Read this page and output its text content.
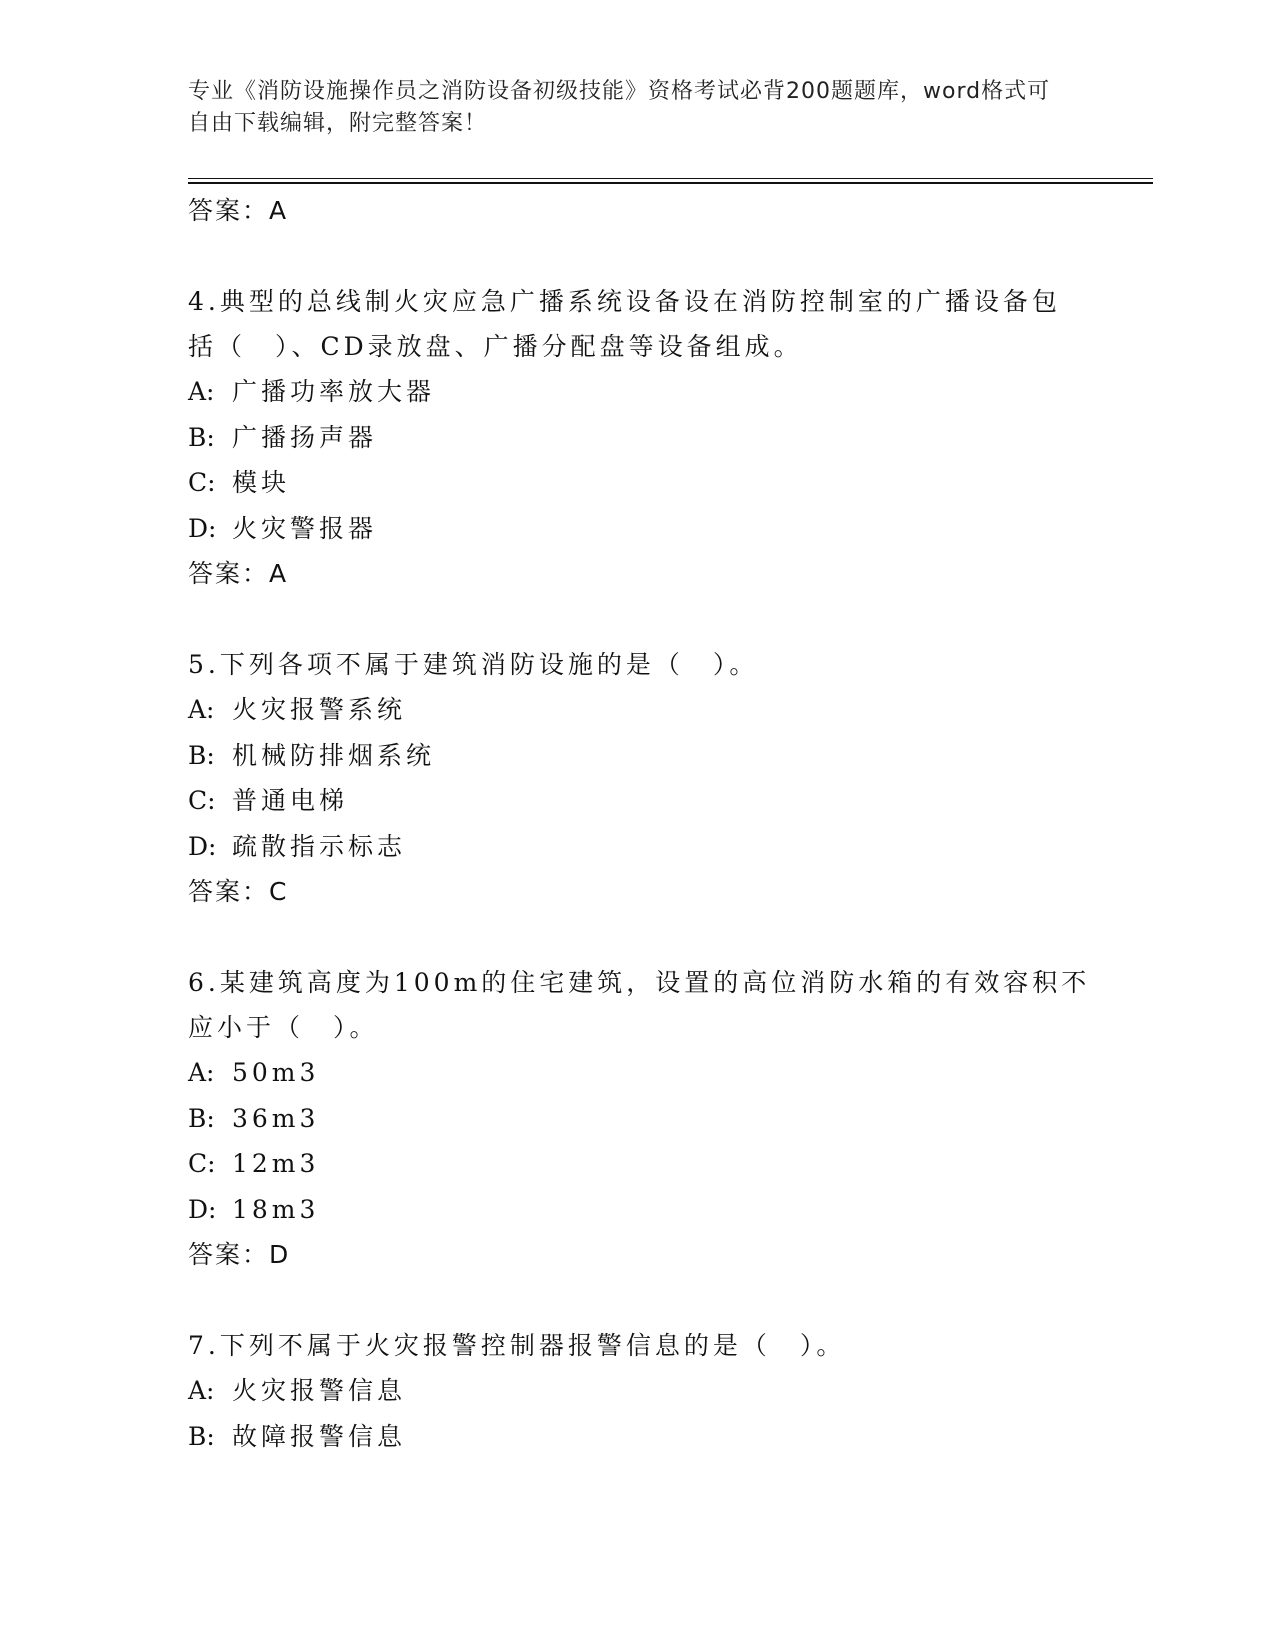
专业《消防设施操作员之消防设备初级技能》资格考试必背200题题库，word格式可自由下载编辑，附完整答案！
答案：A
4.典型的总线制火灾应急广播系统设备设在消防控制室的广播设备包
括（　）、CD录放盘、广播分配盘等设备组成。
A: 广播功率放大器
B: 广播扬声器
C: 模块
D: 火灾警报器
答案：A
5.下列各项不属于建筑消防设施的是（　）。
A: 火灾报警系统
B: 机械防排烟系统
C: 普通电梯
D: 疏散指示标志
答案：C
6.某建筑高度为100m的住宅建筑，设置的高位消防水箱的有效容积不
应小于（　）。
A: 50m3
B: 36m3
C: 12m3
D: 18m3
答案：D
7.下列不属于火灾报警控制器报警信息的是（　）。
A: 火灾报警信息
B: 故障报警信息
